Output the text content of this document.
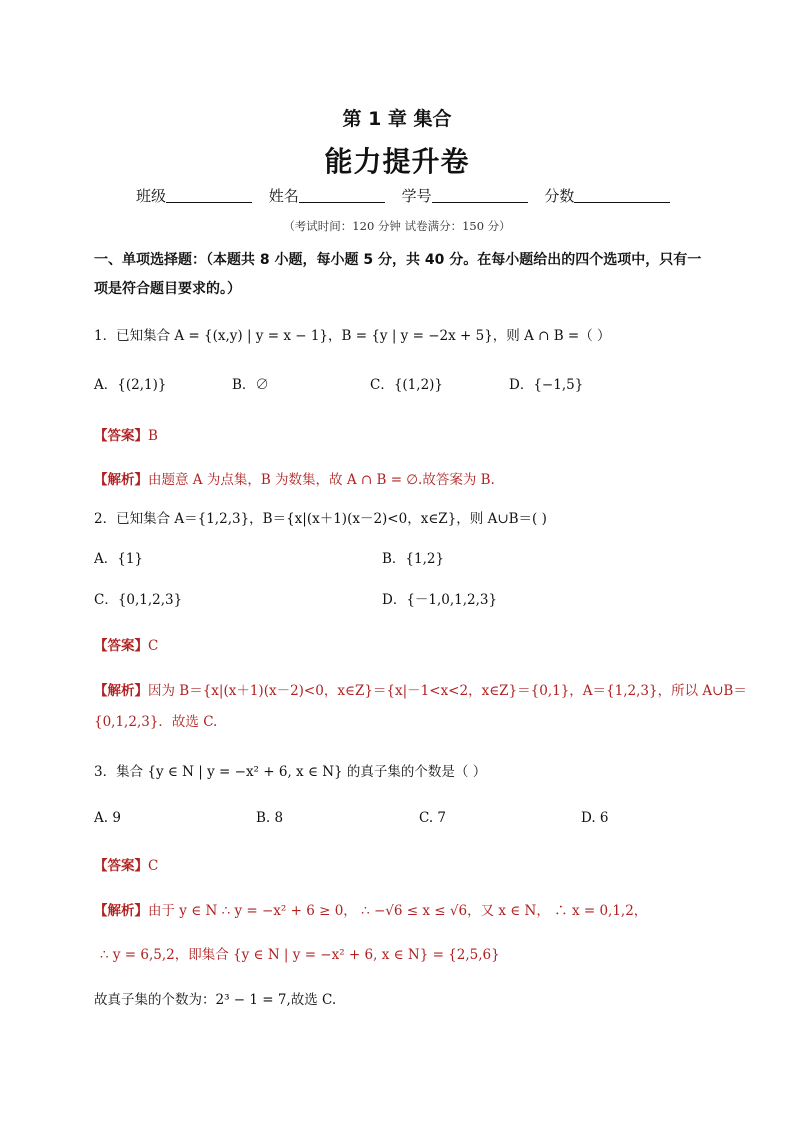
第 1 章 集合
能力提升卷
班级	姓名	学号	分数
（考试时间：120 分钟 试卷满分：150 分）
一、单项选择题：（本题共 8 小题，每小题 5 分，共 40 分。在每小题给出的四个选项中，只有一项是符合题目要求的。）
1．已知集合 A = {(x,y) | y = x − 1}，B = {y | y = −2x + 5}，则 A ∩ B =（ ）
A．{(2,1)}	B．∅	C．{(1,2)}	D．{−1,5}
【答案】B
【解析】由题意 A 为点集，B 为数集，故 A ∩ B = ∅.故答案为 B.
2．已知集合 A＝{1,2,3}，B＝{x|(x＋1)(x－2)<0，x∈Z}，则 A∪B＝( )
A．{1}	B．{1,2}
C．{0,1,2,3}	D．{－1,0,1,2,3}
【答案】C
【解析】因为 B＝{x|(x＋1)(x－2)<0，x∈Z}＝{x|－1<x<2，x∈Z}＝{0,1}，A＝{1,2,3}，所以 A∪B＝
{0,1,2,3}．故选 C.
3．集合 {y ∈ N | y = −x² + 6, x ∈ N} 的真子集的个数是（ ）
A. 9	B. 8	C. 7	D. 6
【答案】C
【解析】由于 y ∈ N ∴ y = −x² + 6 ≥ 0， ∴ −√6 ≤ x ≤ √6，又 x ∈ N， ∴ x = 0,1,2，
∴ y = 6,5,2，即集合 {y ∈ N | y = −x² + 6, x ∈ N} = {2,5,6}
故真子集的个数为：2³ − 1 = 7,故选 C.
